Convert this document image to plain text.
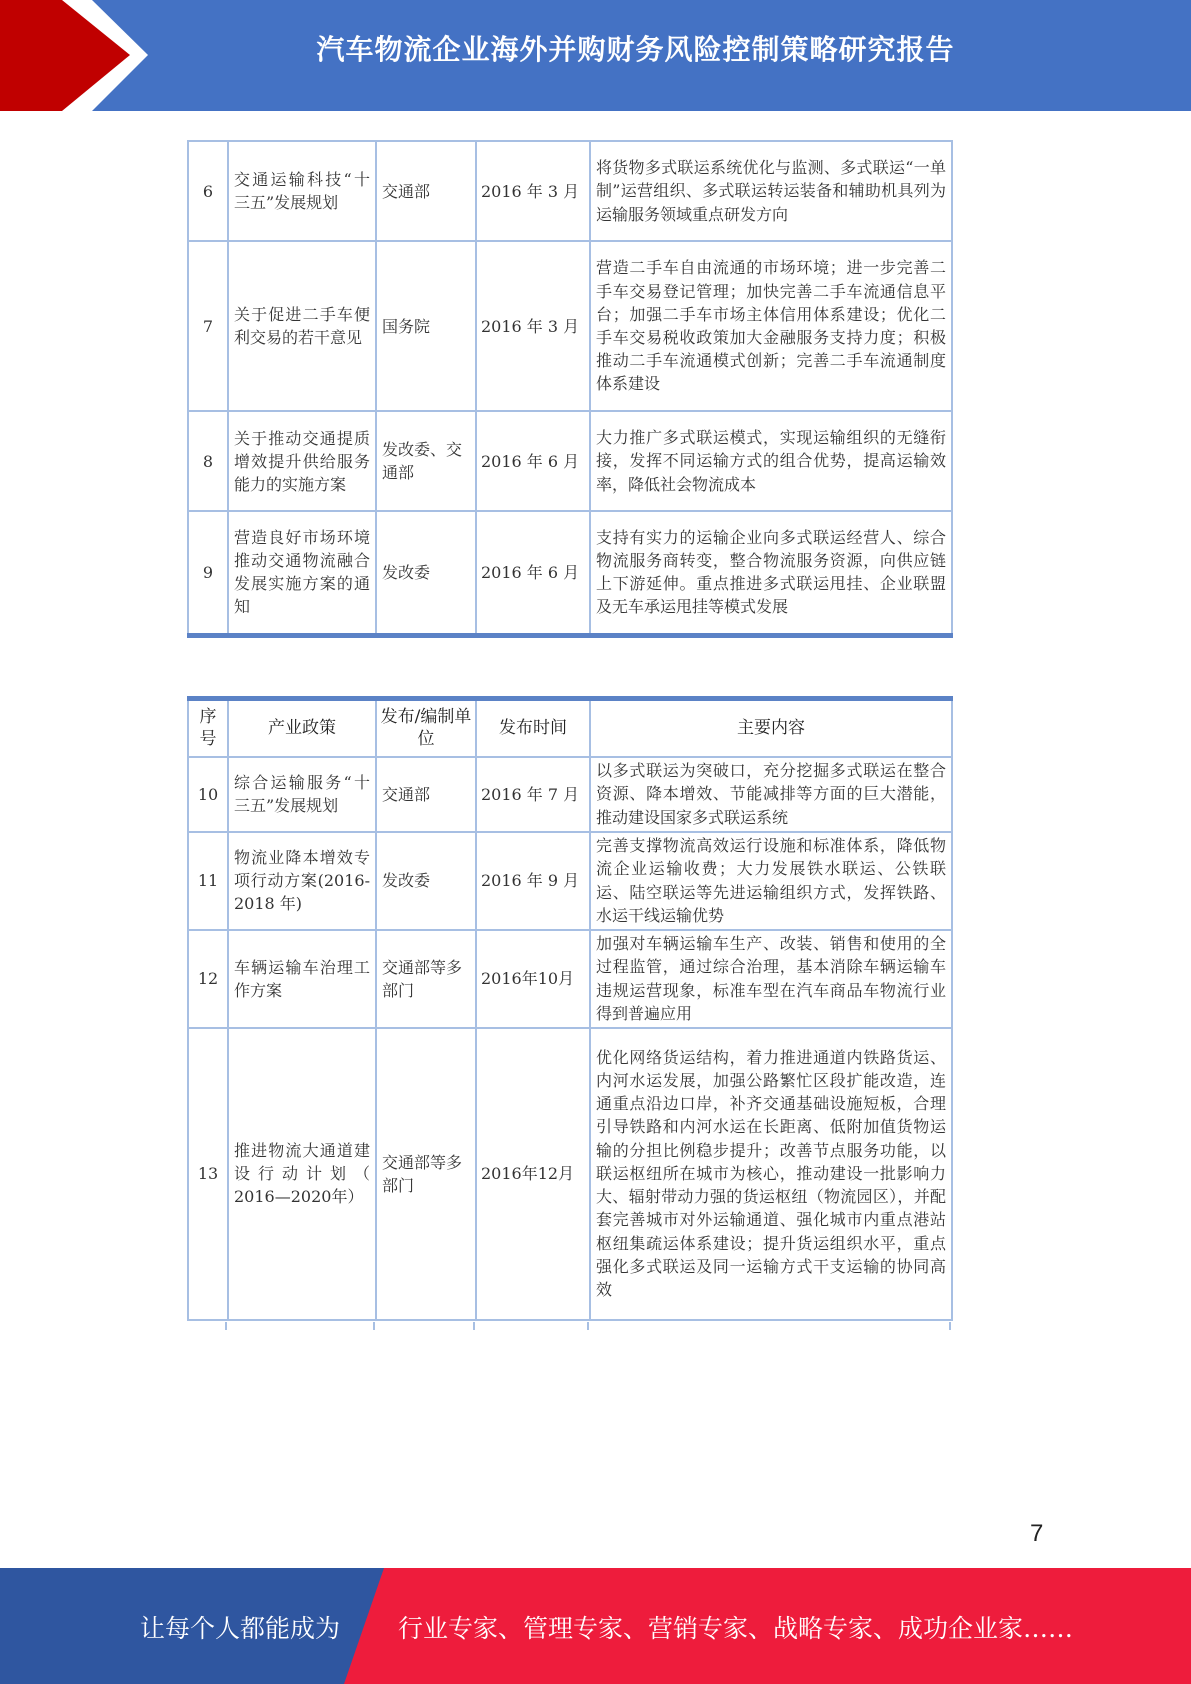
汽车物流企业海外并购财务风险控制策略研究报告
6	交通运输科技“十三五”发展规划	交通部	2016 年 3 月	将货物多式联运系统优化与监测、多式联运“一单制”运营组织、多式联运转运装备和辅助机具列为运输服务领域重点研发方向
7	关于促进二手车便利交易的若干意见	国务院	2016 年 3 月	营造二手车自由流通的市场环境；进一步完善二手车交易登记管理；加快完善二手车流通信息平台；加强二手车市场主体信用体系建设；优化二手车交易税收政策加大金融服务支持力度；积极推动二手车流通模式创新；完善二手车流通制度体系建设
8	关于推动交通提质增效提升供给服务能力的实施方案	发改委、交通部	2016 年 6 月	大力推广多式联运模式，实现运输组织的无缝衔接，发挥不同运输方式的组合优势，提高运输效率，降低社会物流成本
9	营造良好市场环境推动交通物流融合发展实施方案的通知	发改委	2016 年 6 月	支持有实力的运输企业向多式联运经营人、综合物流服务商转变，整合物流服务资源，向供应链上下游延伸。重点推进多式联运甩挂、企业联盟及无车承运甩挂等模式发展
序号	产业政策	发布/编制单位	发布时间	主要内容
10	综合运输服务“十三五”发展规划	交通部	2016 年 7 月	以多式联运为突破口，充分挖掘多式联运在整合资源、降本增效、节能减排等方面的巨大潜能，推动建设国家多式联运系统
11	物流业降本增效专项行动方案(2016-2018 年)	发改委	2016 年 9 月	完善支撑物流高效运行设施和标准体系，降低物流企业运输收费；大力发展铁水联运、公铁联运、陆空联运等先进运输组织方式，发挥铁路、水运干线运输优势
12	车辆运输车治理工作方案	交通部等多部门	2016年10月	加强对车辆运输车生产、改装、销售和使用的全过程监管，通过综合治理，基本消除车辆运输车违规运营现象，标准车型在汽车商品车物流行业得到普遍应用
13	推进物流大通道建设行动计划（ 2016—2020年）	交通部等多部门	2016年12月	优化网络货运结构，着力推进通道内铁路货运、内河水运发展，加强公路繁忙区段扩能改造，连通重点沿边口岸，补齐交通基础设施短板，合理引导铁路和内河水运在长距离、低附加值货物运输的分担比例稳步提升；改善节点服务功能，以联运枢纽所在城市为核心，推动建设一批影响力大、辐射带动力强的货运枢纽（物流园区），并配套完善城市对外运输通道、强化城市内重点港站枢纽集疏运体系建设；提升货运组织水平，重点强化多式联运及同一运输方式干支运输的协同高效
7
让每个人都能成为 行业专家、管理专家、营销专家、战略专家、成功企业家……
